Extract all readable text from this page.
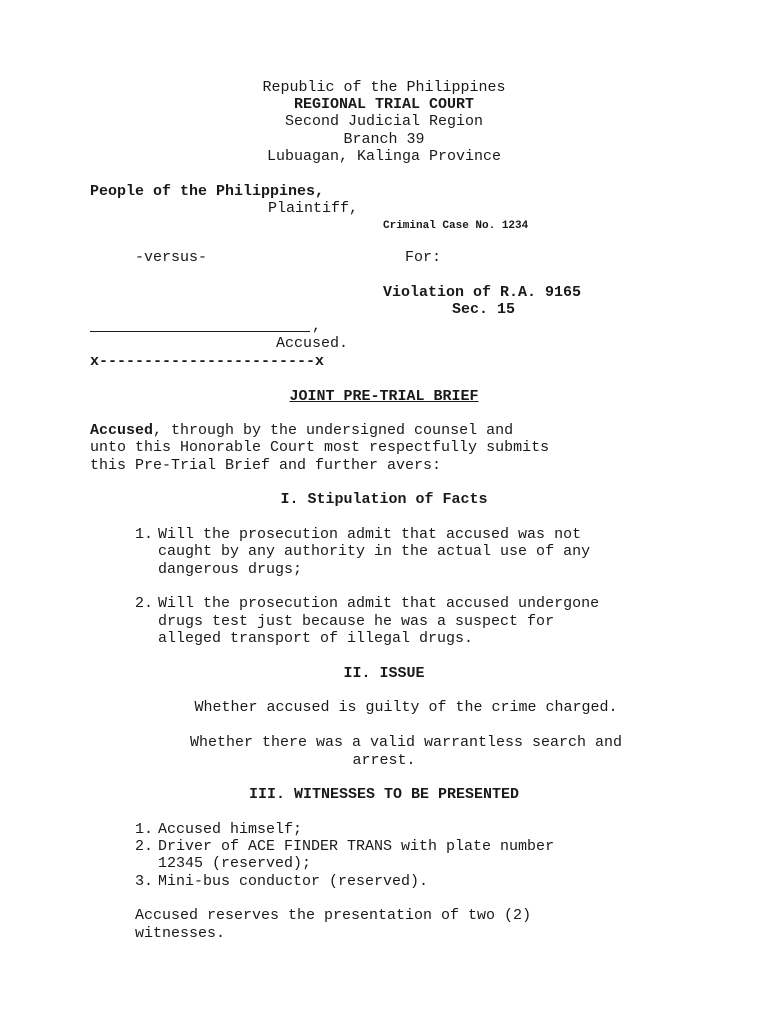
Republic of the Philippines
REGIONAL TRIAL COURT
Second Judicial Region
Branch 39
Lubuagan, Kalinga Province
People of the Philippines,
Plaintiff,
Criminal Case No. 1234
-versus-	For:
Violation of R.A. 9165
Sec. 15
,
Accused.
x------------------------x
JOINT PRE-TRIAL BRIEF
Accused, through by the undersigned counsel and
unto this Honorable Court most respectfully submits
this Pre-Trial Brief and further avers:
I. Stipulation of Facts
1. Will the prosecution admit that accused was not
caught by any authority in the actual use of any
dangerous drugs;
2. Will the prosecution admit that accused undergone
drugs test just because he was a suspect for
alleged transport of illegal drugs.
II. ISSUE
Whether accused is guilty of the crime charged.
Whether there was a valid warrantless search and
arrest.
III. WITNESSES TO BE PRESENTED
1. Accused himself;
2. Driver of ACE FINDER TRANS with plate number
12345 (reserved);
3. Mini-bus conductor (reserved).
Accused reserves the presentation of two (2)
witnesses.
